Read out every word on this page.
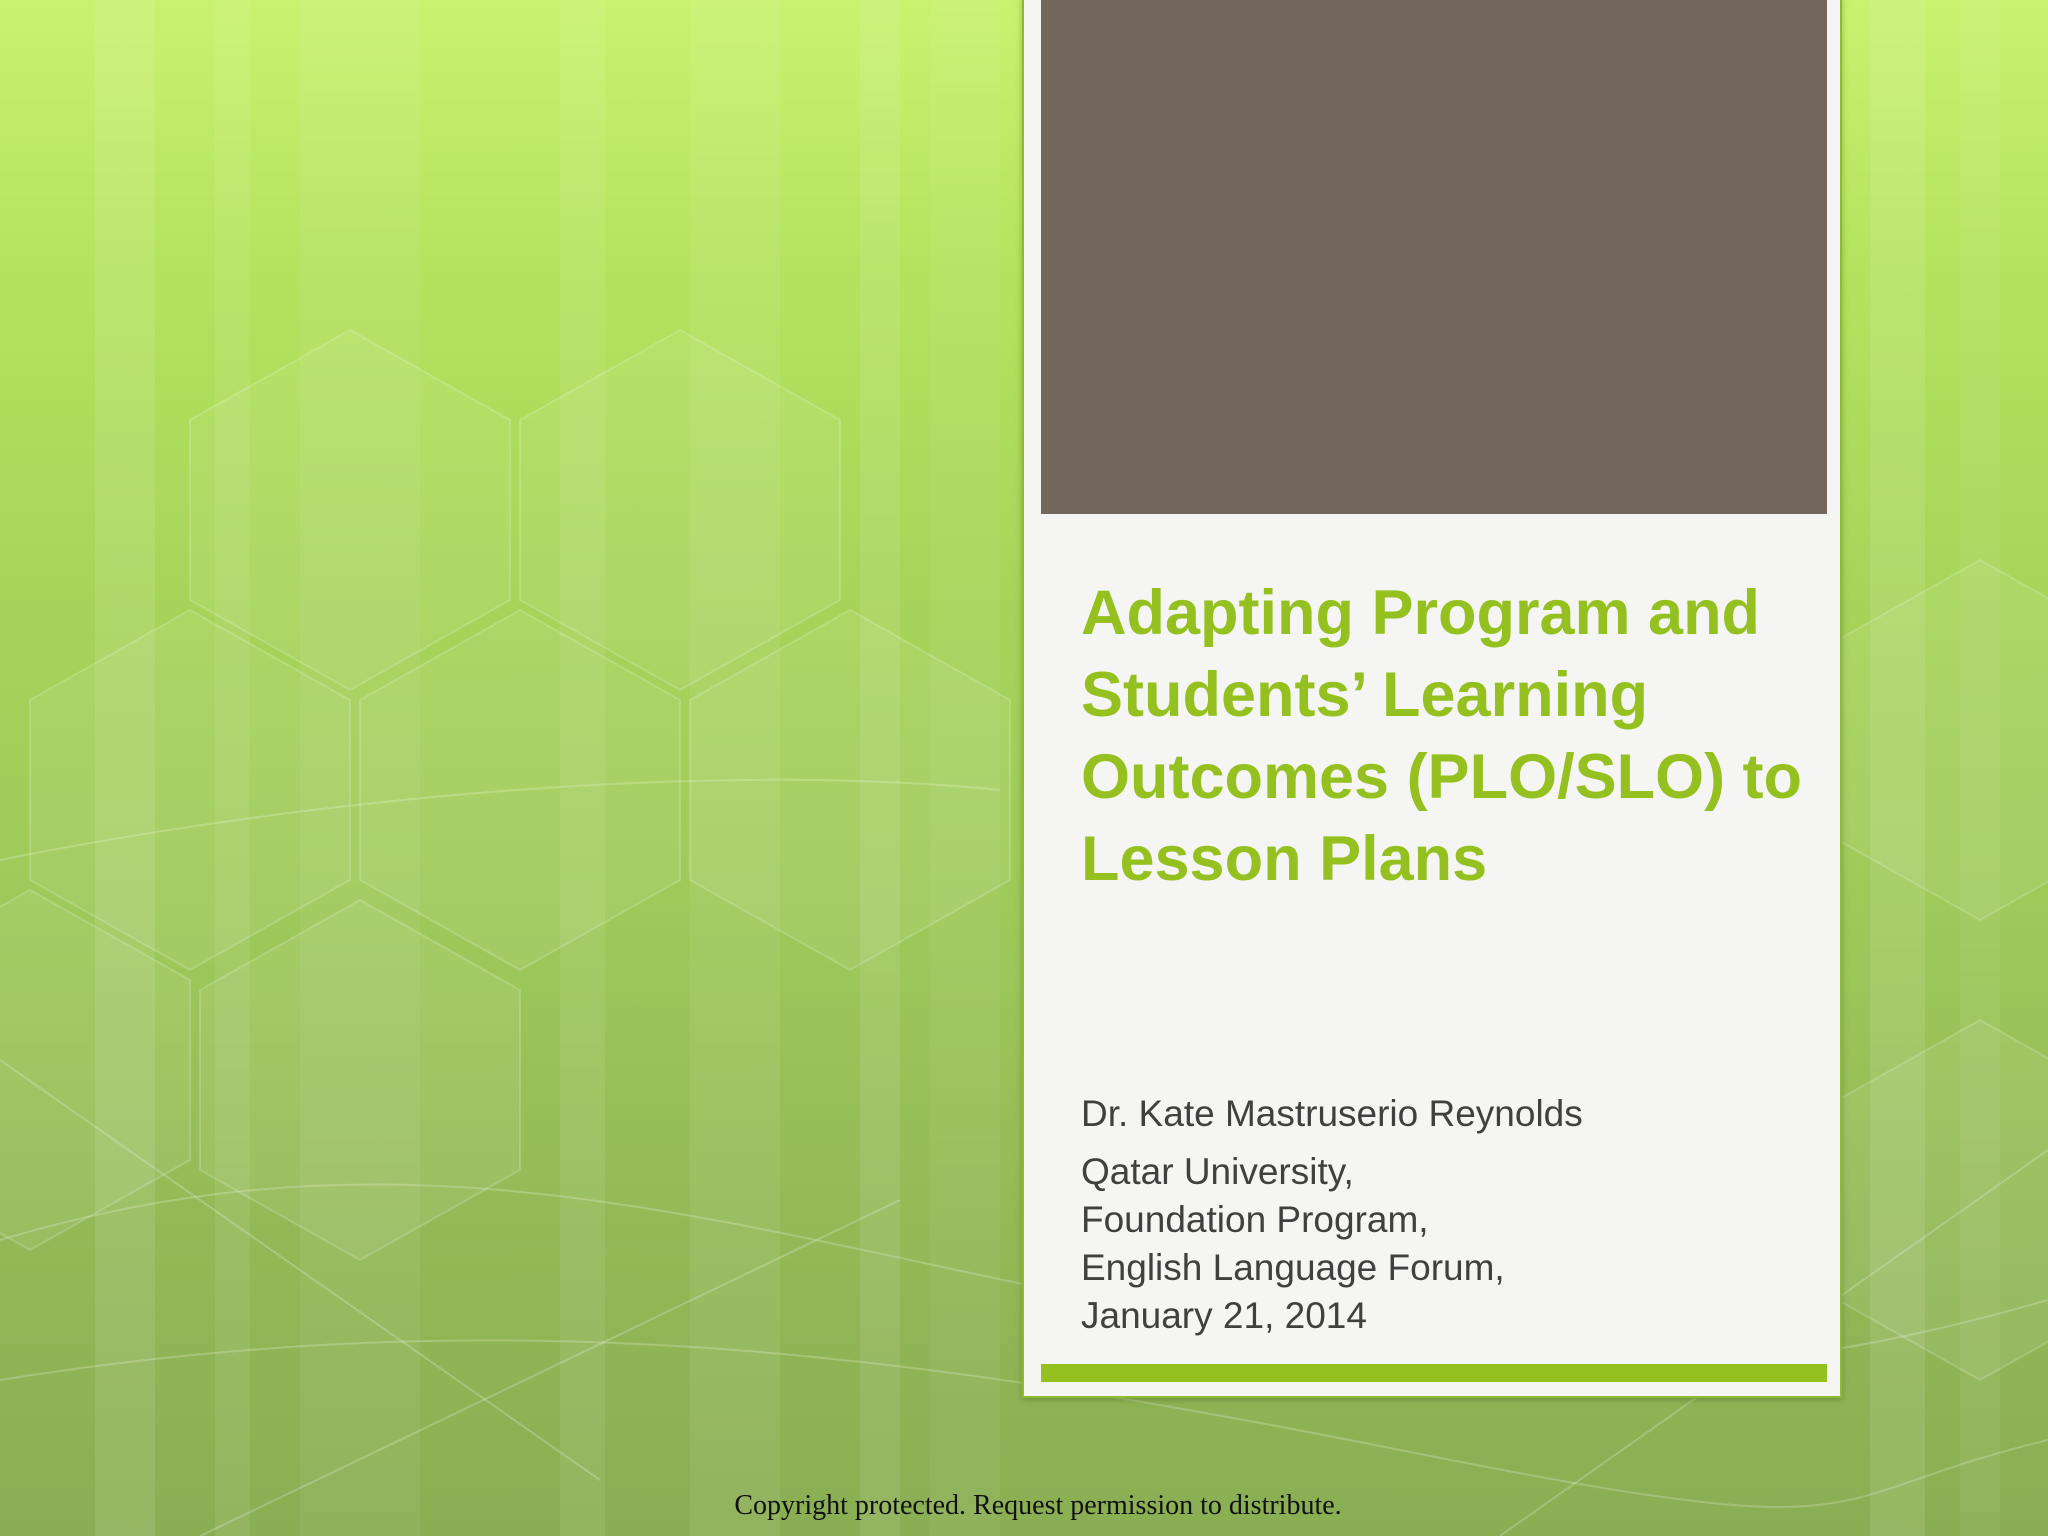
Adapting Program and Students’ Learning Outcomes (PLO/SLO) to Lesson Plans

Dr. Kate Mastruserio Reynolds

Qatar University,
Foundation Program,
English Language Forum,
January 21, 2014
Copyright protected. Request permission to distribute.
